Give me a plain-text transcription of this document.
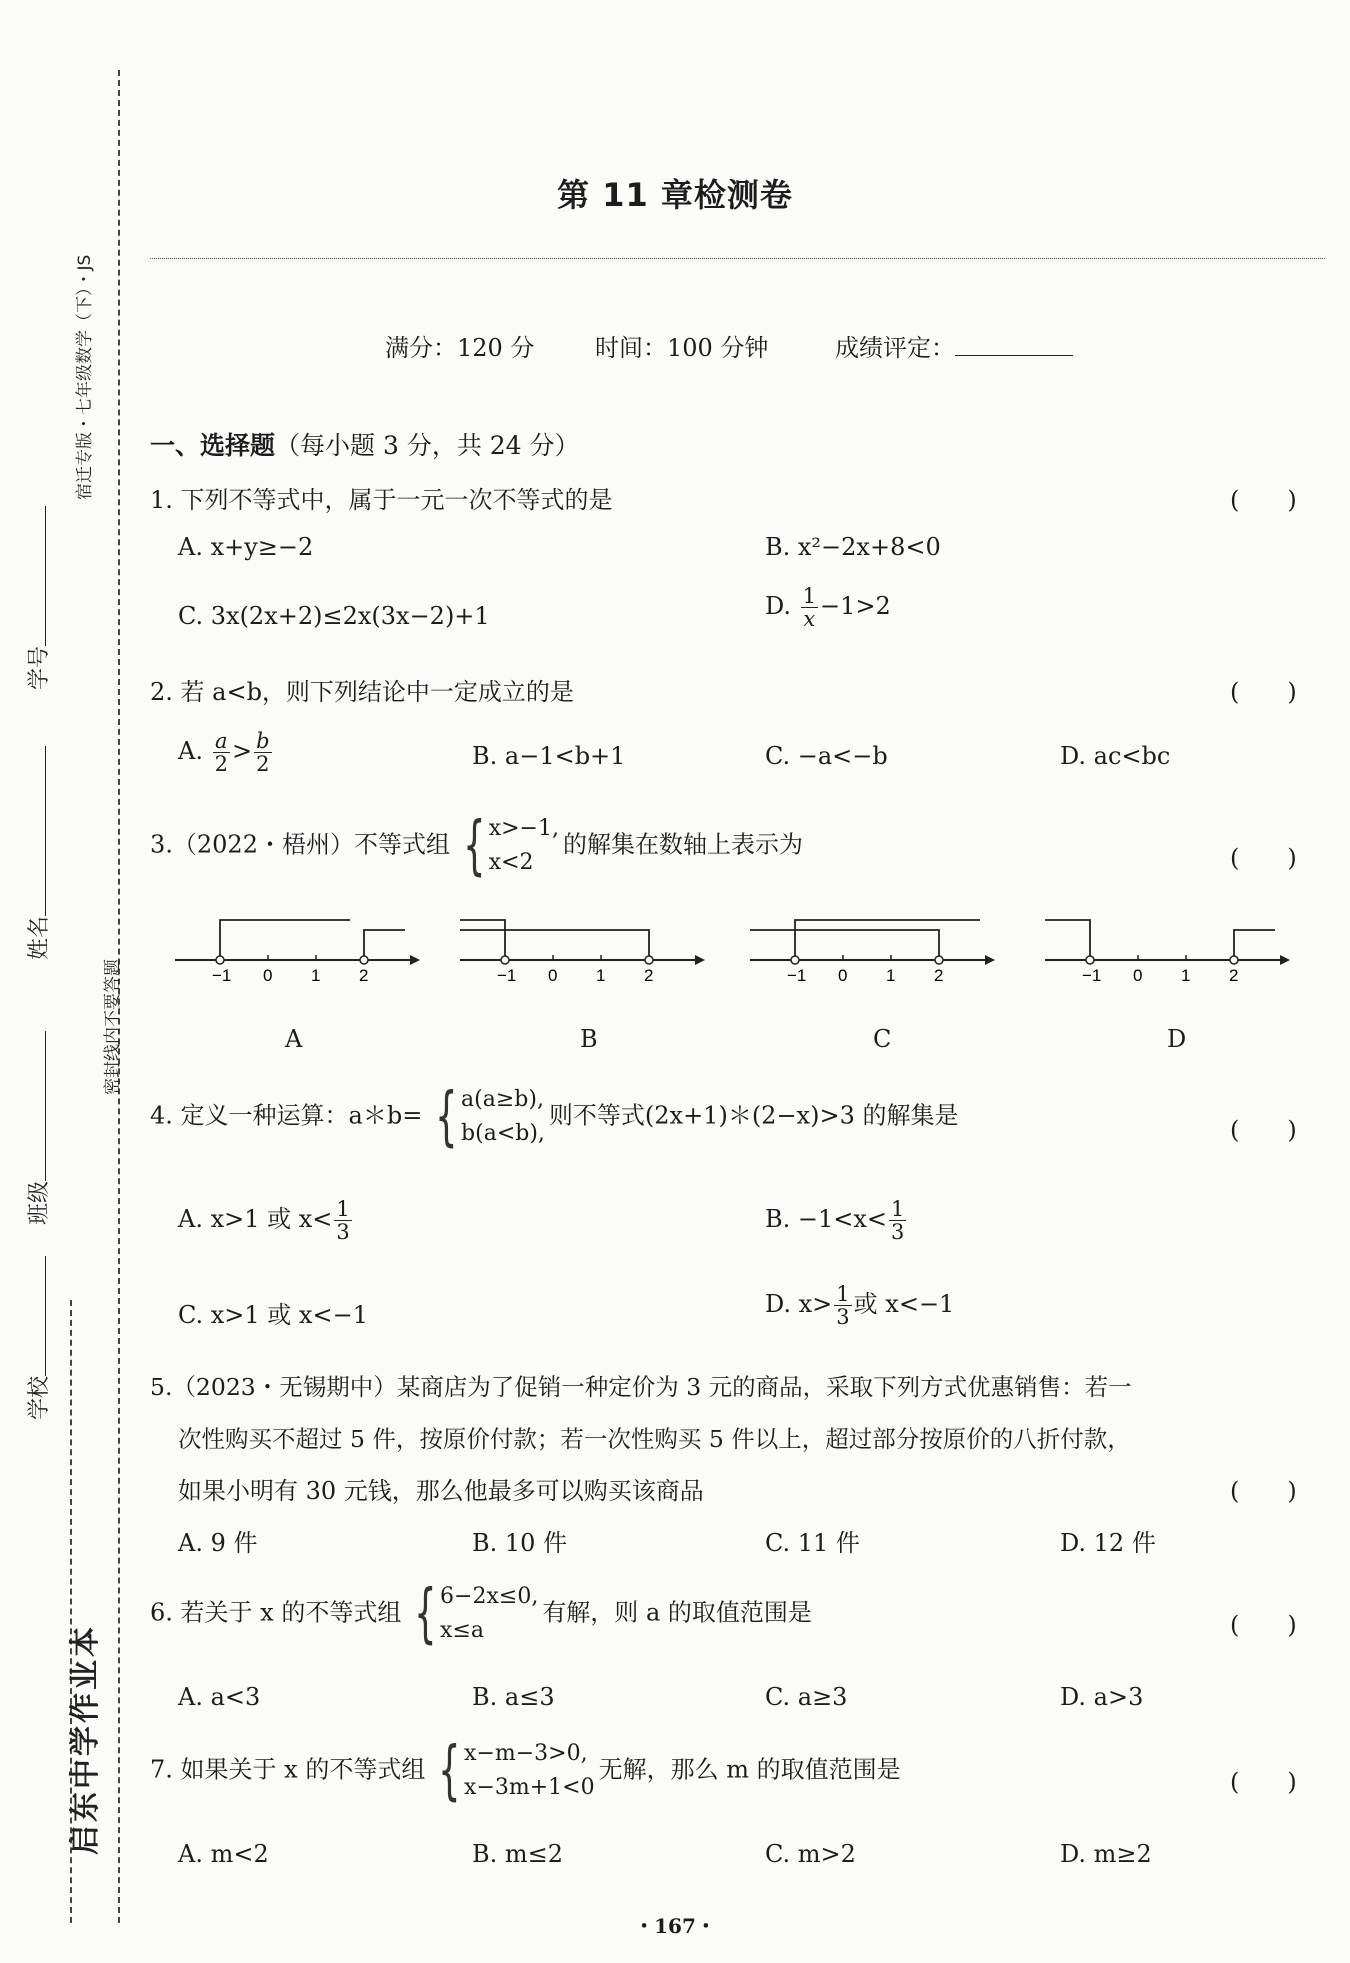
宿迁专版・七年级数学（下）・JS
密封线内不要答题
学号
姓名
班级
学校
启东中学作业本
第 11 章检测卷
满分：120 分	时间：100 分钟	成绩评定：
一、选择题（每小题 3 分，共 24 分）
1. 下列不等式中，属于一元一次不等式的是	(　　)
A. x+y≥−2	B. x²−2x+8<0
C. 3x(2x+2)≤2x(3x−2)+1	D. $\frac{1}{x} -1>2$
2. 若 a<b，则下列结论中一定成立的是	(　　)
A. $\frac{a}{2} > \frac{b}{2}$	B. a−1<b+1	C. −a<−b	D. ac<bc
3.（2022・梧州）不等式组 { x>−1,
x<2
的解集在数轴上表示为	(　　)
−1 0 1 2	−1 0 1 2	−1 0 1 2	−1 0 1 2
A	B	C	D
4. 定义一种运算：a＊b= { a(a≥b),
b(a<b),
则不等式(2x+1)＊(2−x)>3 的解集是
(　　)
A. x>1 或 $x< \frac{1}{3}$	B. $-1<x< \frac{1}{3}$
C. x>1 或 x<−1	D. $x> \frac{1}{3}$ 或 x<−1
5.（2023・无锡期中）某商店为了促销一种定价为 3 元的商品，采取下列方式优惠销售：若一
次性购买不超过 5 件，按原价付款；若一次性购买 5 件以上，超过部分按原价的八折付款，
如果小明有 30 元钱，那么他最多可以购买该商品	(　　)
A. 9 件	B. 10 件	C. 11 件	D. 12 件
6. 若关于 x 的不等式组 { 6−2x≤0,
x≤a
有解，则 a 的取值范围是	(　　)
A. a<3	B. a≤3	C. a≥3	D. a>3
7. 如果关于 x 的不等式组 { x−m−3>0,
x−3m+1<0
无解，那么 m 的取值范围是	(　　)
A. m<2	B. m≤2	C. m>2	D. m≥2
・167・
